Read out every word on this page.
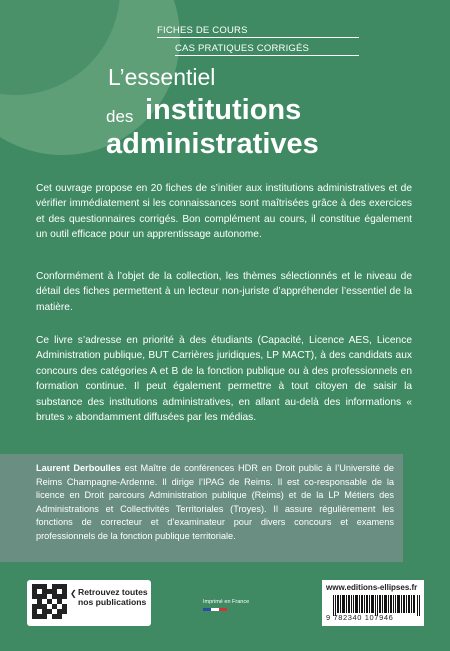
FICHES DE COURS
CAS PRATIQUES CORRIGÉS
L’essentiel
des institutions
administratives
Cet ouvrage propose en 20 fiches de s’initier aux institutions administratives et de vérifier immédiatement si les connaissances sont maîtrisées grâce à des exercices et des questionnaires corrigés. Bon complément au cours, il constitue également un outil efficace pour un apprentissage autonome.
Conformément à l’objet de la collection, les thèmes sélectionnés et le niveau de détail des fiches permettent à un lecteur non-juriste d’appréhender l’essentiel de la matière.
Ce livre s’adresse en priorité à des étudiants (Capacité, Licence AES, Licence Administration publique, BUT Carrières juridiques, LP MACT), à des candidats aux concours des catégories A et B de la fonction publique ou à des professionnels en formation continue. Il peut également permettre à tout citoyen de saisir la substance des institutions administratives, en allant au-delà des informations « brutes » abondamment diffusées par les médias.
Laurent Derboulles est Maître de conférences HDR en Droit public à l’Université de Reims Champagne-Ardenne. Il dirige l’IPAG de Reims. Il est co-responsable de la licence en Droit parcours Administration publique (Reims) et de la LP Métiers des Administrations et Collectivités Territoriales (Troyes). Il assure régulièrement les fonctions de correcteur et d’examinateur pour divers concours et examens professionnels de la fonction publique territoriale.
❮ Retrouvez toutes nos publications	Imprimé en France
www.editions-ellipses.fr
9 782340 107946
